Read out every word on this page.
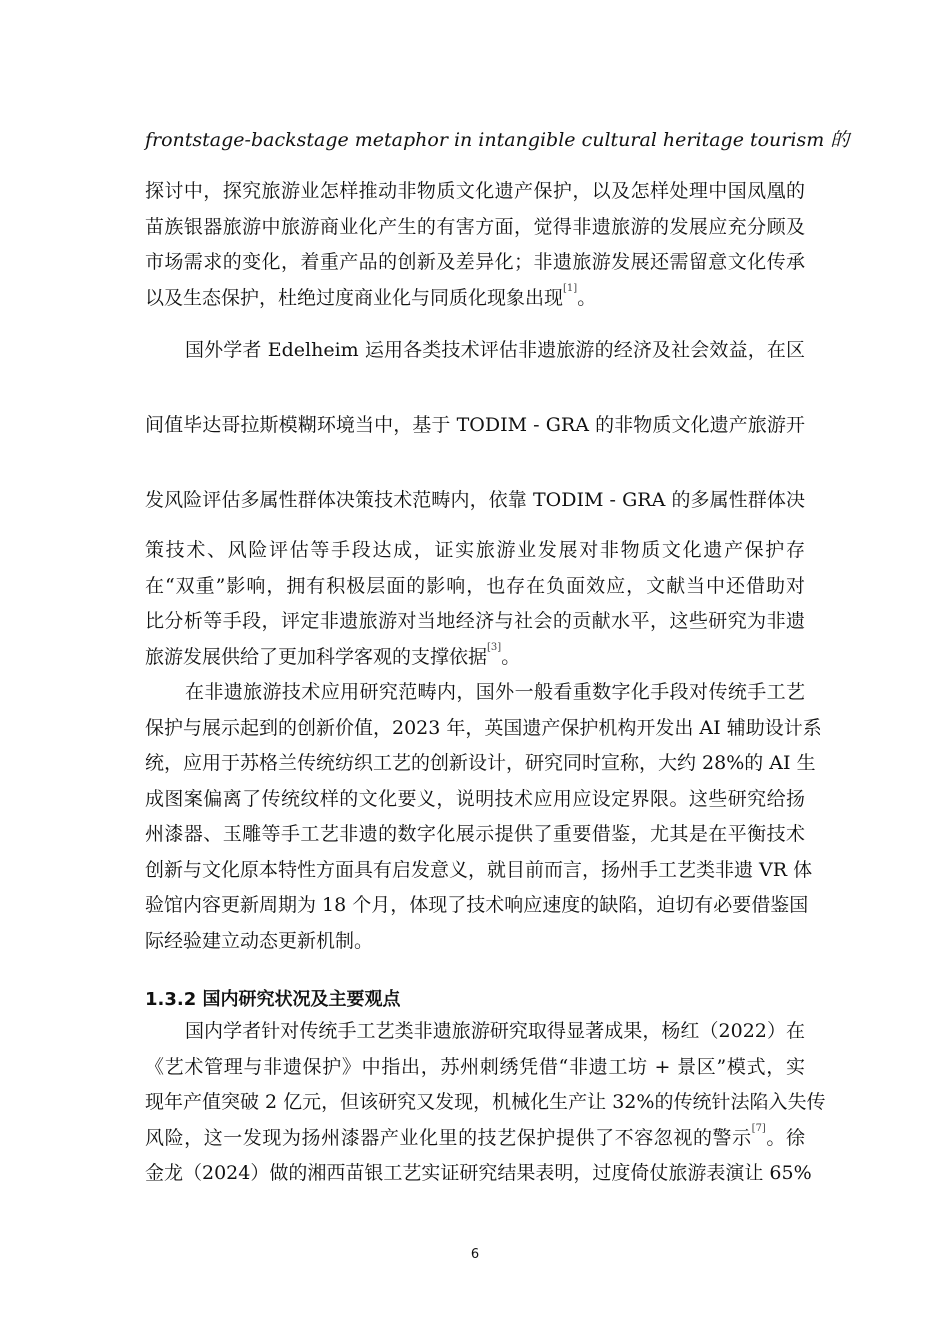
frontstage-backstage metaphor in intangible cultural heritage tourism 的
探讨中，探究旅游业怎样推动非物质文化遗产保护，以及怎样处理中国凤凰的
苗族银器旅游中旅游商业化产生的有害方面，觉得非遗旅游的发展应充分顾及
市场需求的变化，着重产品的创新及差异化；非遗旅游发展还需留意文化传承
以及生态保护，杜绝过度商业化与同质化现象出现[1]。
国外学者 Edelheim 运用各类技术评估非遗旅游的经济及社会效益，在区
间值毕达哥拉斯模糊环境当中，基于 TODIM - GRA 的非物质文化遗产旅游开
发风险评估多属性群体决策技术范畴内，依靠 TODIM - GRA 的多属性群体决
策技术、风险评估等手段达成，证实旅游业发展对非物质文化遗产保护存
在“双重”影响，拥有积极层面的影响，也存在负面效应，文献当中还借助对
比分析等手段，评定非遗旅游对当地经济与社会的贡献水平，这些研究为非遗
旅游发展供给了更加科学客观的支撑依据[3]。
在非遗旅游技术应用研究范畴内，国外一般看重数字化手段对传统手工艺
保护与展示起到的创新价值，2023 年，英国遗产保护机构开发出 AI 辅助设计系
统，应用于苏格兰传统纺织工艺的创新设计，研究同时宣称，大约 28%的 AI 生
成图案偏离了传统纹样的文化要义，说明技术应用应设定界限。这些研究给扬
州漆器、玉雕等手工艺非遗的数字化展示提供了重要借鉴，尤其是在平衡技术
创新与文化原本特性方面具有启发意义，就目前而言，扬州手工艺类非遗 VR 体
验馆内容更新周期为 18 个月，体现了技术响应速度的缺陷，迫切有必要借鉴国
际经验建立动态更新机制。
1.3.2 国内研究状况及主要观点
国内学者针对传统手工艺类非遗旅游研究取得显著成果，杨红（2022）在
《艺术管理与非遗保护》中指出，苏州刺绣凭借“非遗工坊 + 景区”模式，实
现年产值突破 2 亿元，但该研究又发现，机械化生产让 32%的传统针法陷入失传
风险，这一发现为扬州漆器产业化里的技艺保护提供了不容忽视的警示[7]。徐
金龙（2024）做的湘西苗银工艺实证研究结果表明，过度倚仗旅游表演让 65%
6
